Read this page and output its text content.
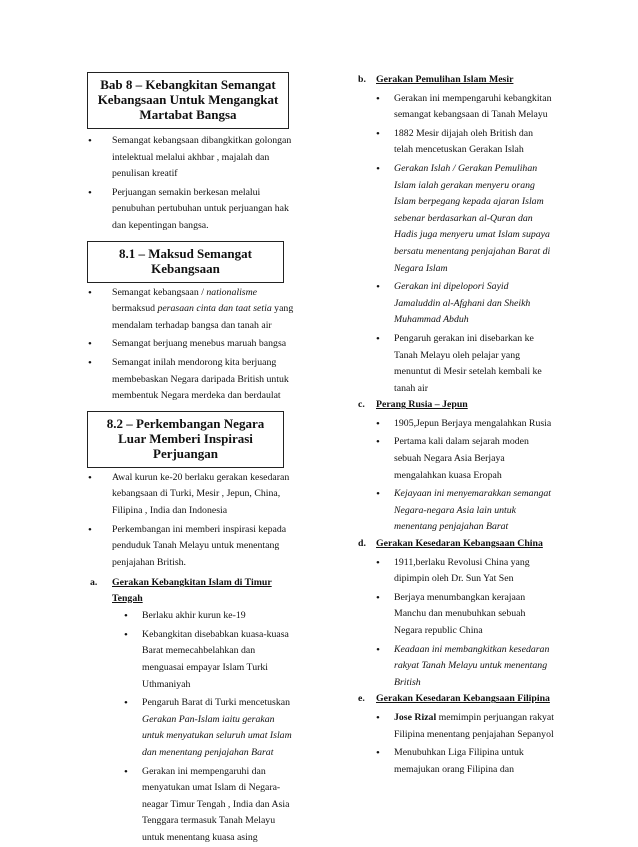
Bab 8 – Kebangkitan Semangat Kebangsaan Untuk Mengangkat Martabat Bangsa
• Semangat kebangsaan dibangkitkan golongan intelektual melalui akhbar , majalah dan penulisan kreatif
• Perjuangan semakin berkesan melalui penubuhan pertubuhan untuk perjuangan hak dan kepentingan bangsa.
8.1 – Maksud Semangat Kebangsaan
• Semangat kebangsaan / nationalisme bermaksud perasaan cinta dan taat setia yang mendalam terhadap bangsa dan tanah air
• Semangat berjuang menebus maruah bangsa
• Semangat inilah mendorong kita berjuang membebaskan Negara daripada British untuk membentuk Negara merdeka dan berdaulat
8.2 – Perkembangan Negara Luar Memberi Inspirasi Perjuangan
• Awal kurun ke-20 berlaku gerakan kesedaran kebangsaan di Turki, Mesir , Jepun, China, Filipina , India dan Indonesia
• Perkembangan ini memberi inspirasi kepada penduduk Tanah Melayu untuk menentang penjajahan British.
a. Gerakan Kebangkitan Islam di Timur Tengah
• Berlaku akhir kurun ke-19
• Kebangkitan disebabkan kuasa-kuasa Barat memecahbelahkan dan menguasai empayar Islam Turki Uthmaniyah
• Pengaruh Barat di Turki mencetuskan Gerakan Pan-Islam iaitu gerakan untuk menyatukan seluruh umat Islam dan menentang penjajahan Barat
• Gerakan ini mempengaruhi dan menyatukan umat Islam di Negara-neagar Timur Tengah , India dan Asia Tenggara termasuk Tanah Melayu untuk menentang kuasa asing
b. Gerakan Pemulihan Islam Mesir
• Gerakan ini mempengaruhi kebangkitan semangat kebangsaan di Tanah Melayu
• 1882 Mesir dijajah oleh British dan telah mencetuskan Gerakan Islah
• Gerakan Islah / Gerakan Pemulihan Islam ialah gerakan menyeru orang Islam berpegang kepada ajaran Islam sebenar berdasarkan al-Quran dan Hadis juga menyeru umat Islam supaya bersatu menentang penjajahan Barat di Negara Islam
• Gerakan ini dipelopori Sayid Jamaluddin al-Afghani dan Sheikh Muhammad Abduh
• Pengaruh gerakan ini disebarkan ke Tanah Melayu oleh pelajar yang menuntut di Mesir setelah kembali ke tanah air
c. Perang Rusia – Jepun
• 1905,Jepun Berjaya mengalahkan Rusia
• Pertama kali dalam sejarah moden sebuah Negara Asia Berjaya mengalahkan kuasa Eropah
• Kejayaan ini menyemarakkan semangat Negara-negara Asia lain untuk menentang penjajahan Barat
d. Gerakan Kesedaran Kebangsaan China
• 1911,berlaku Revolusi China yang dipimpin oleh Dr. Sun Yat Sen
• Berjaya menumbangkan kerajaan Manchu dan menubuhkan sebuah Negara republic China
• Keadaan ini membangkitkan kesedaran rakyat Tanah Melayu untuk menentang British
e. Gerakan Kesedaran Kebangsaan Filipina
• Jose Rizal memimpin perjuangan rakyat Filipina menentang penjajahan Sepanyol
• Menubuhkan Liga Filipina untuk memajukan orang Filipina dan
